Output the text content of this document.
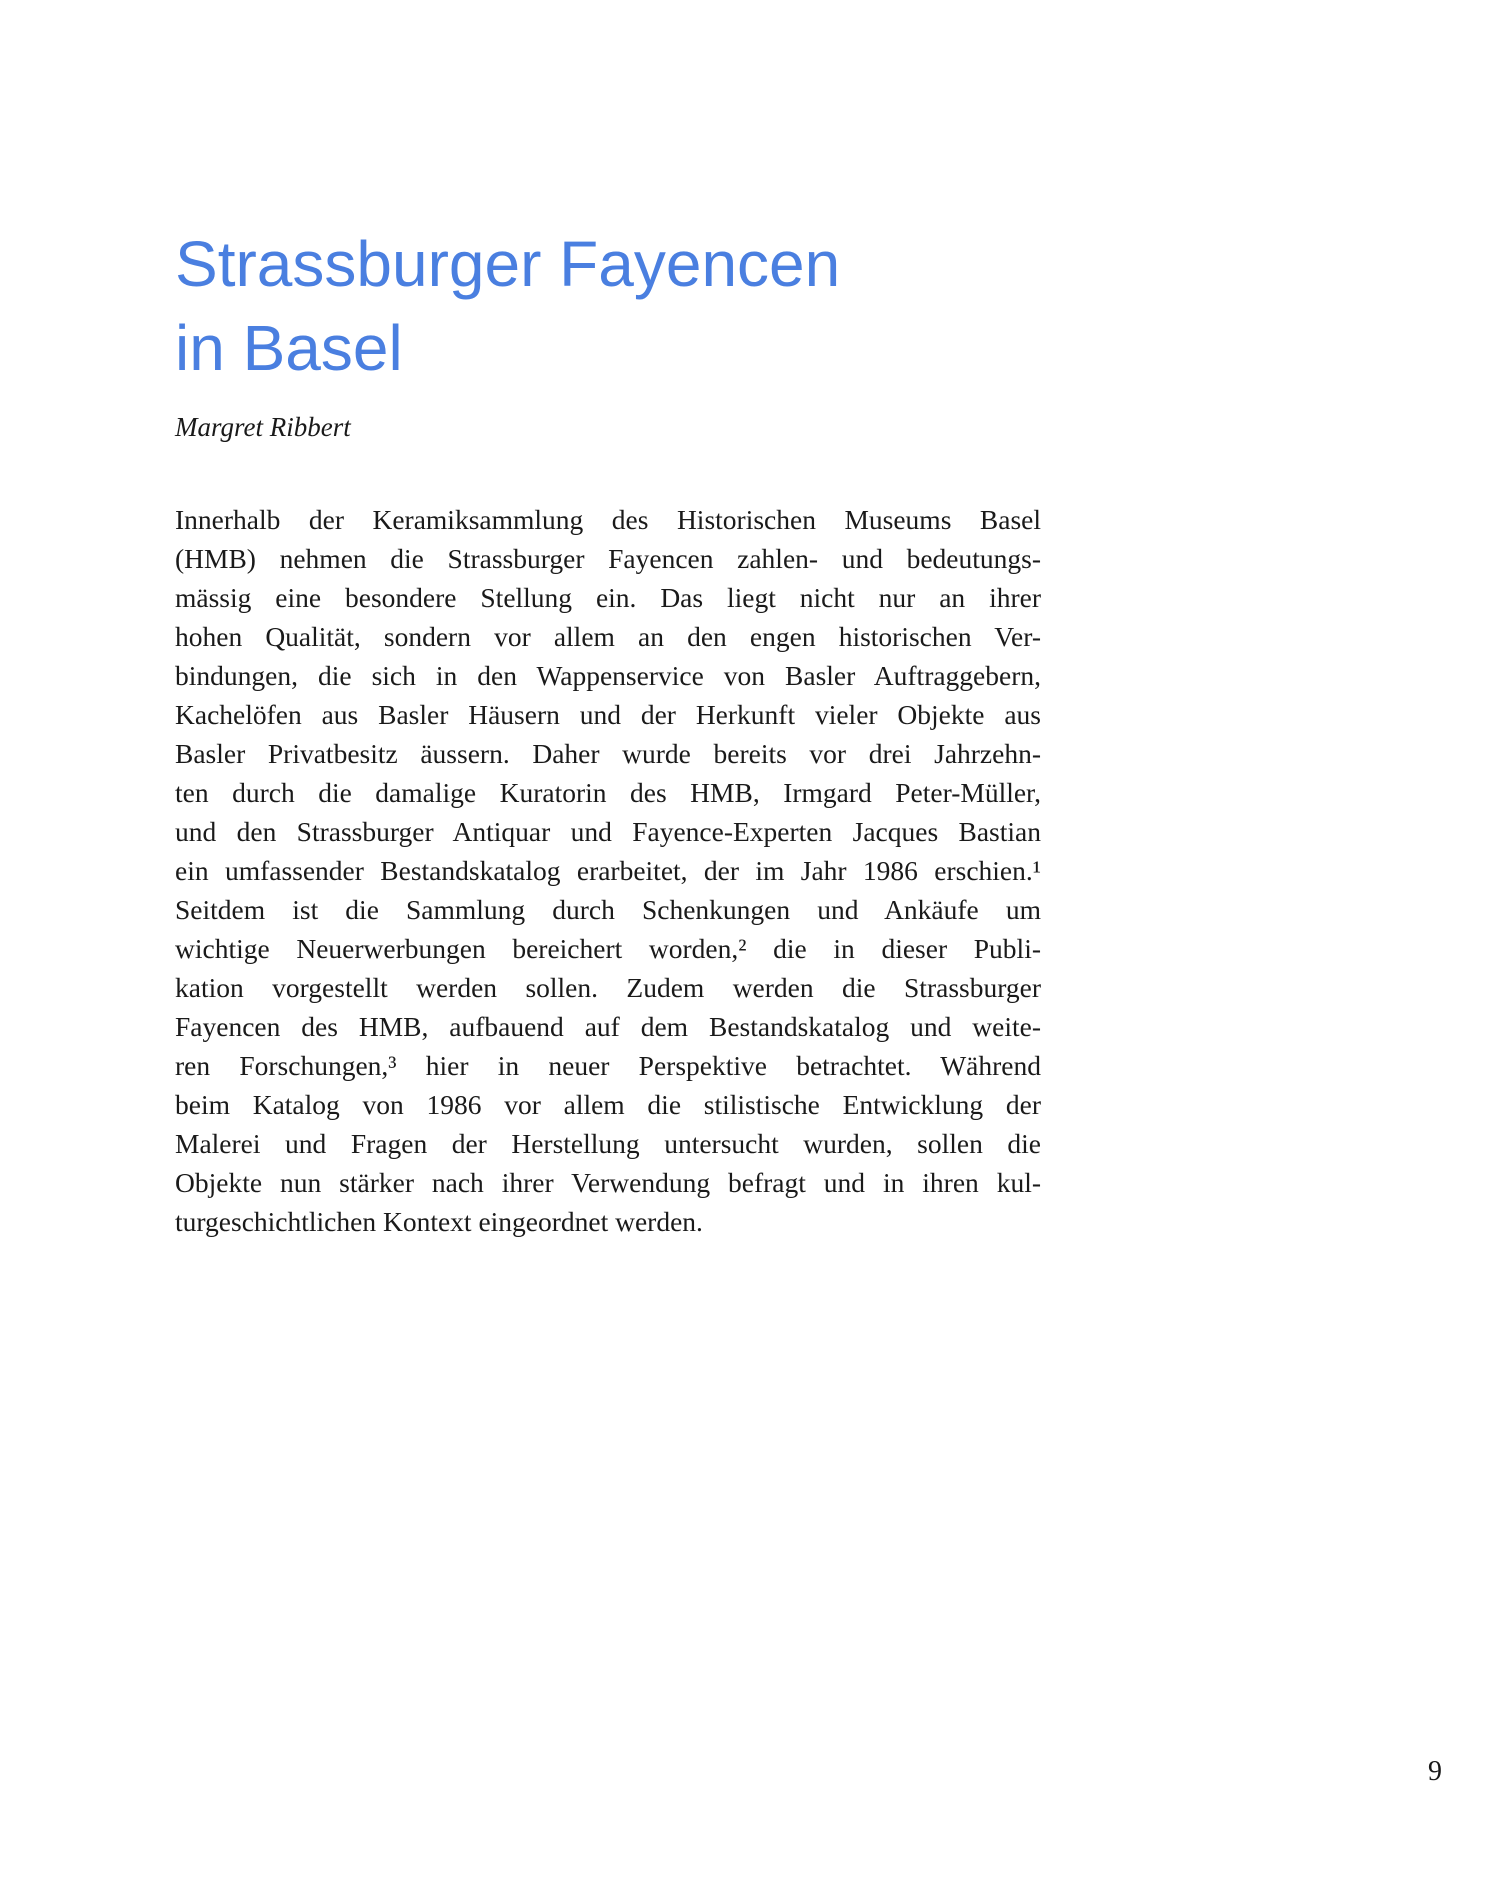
Strassburger Fayencen
in Basel

Margret Ribbert

Innerhalb der Keramiksammlung des Historischen Museums Basel
(HMB) nehmen die Strassburger Fayencen zahlen- und bedeutungs-
mässig eine besondere Stellung ein. Das liegt nicht nur an ihrer
hohen Qualität, sondern vor allem an den engen historischen Ver-
bindungen, die sich in den Wappenservice von Basler Auftraggebern,
Kachelöfen aus Basler Häusern und der Herkunft vieler Objekte aus
Basler Privatbesitz äussern. Daher wurde bereits vor drei Jahrzehn-
ten durch die damalige Kuratorin des HMB, Irmgard Peter-Müller,
und den Strassburger Antiquar und Fayence-Experten Jacques Bastian
ein umfassender Bestandskatalog erarbeitet, der im Jahr 1986 erschien.¹
Seitdem ist die Sammlung durch Schenkungen und Ankäufe um
wichtige Neuerwerbungen bereichert worden,² die in dieser Publi-
kation vorgestellt werden sollen. Zudem werden die Strassburger
Fayencen des HMB, aufbauend auf dem Bestandskatalog und weite-
ren Forschungen,³ hier in neuer Perspektive betrachtet. Während
beim Katalog von 1986 vor allem die stilistische Entwicklung der
Malerei und Fragen der Herstellung untersucht wurden, sollen die
Objekte nun stärker nach ihrer Verwendung befragt und in ihren kul-
turgeschichtlichen Kontext eingeordnet werden.
9
